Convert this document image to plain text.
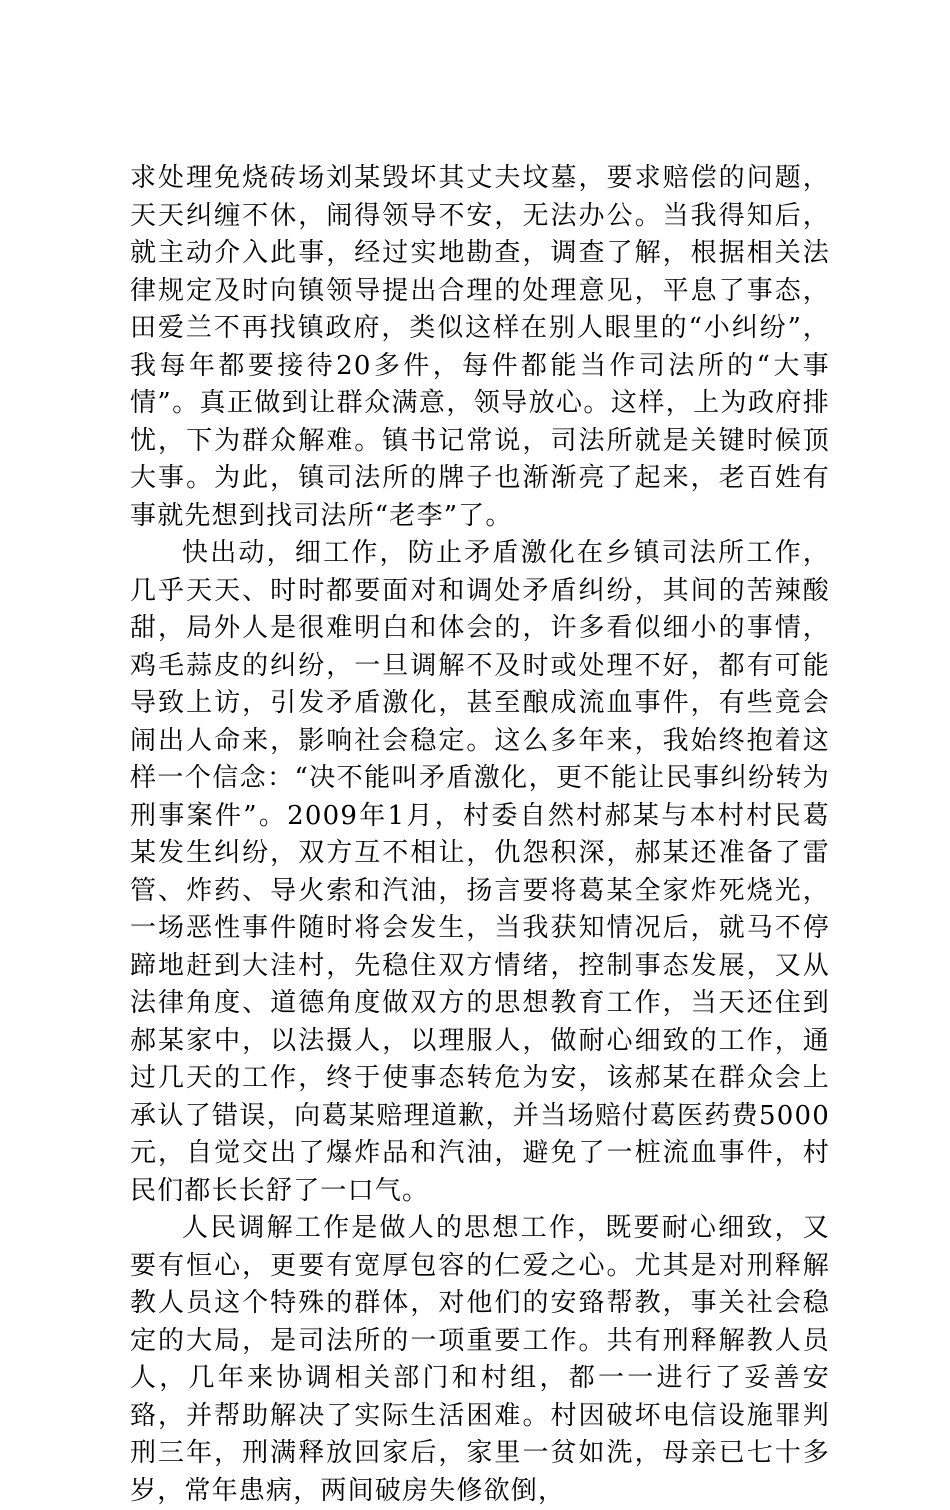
求处理免烧砖场刘某毁坏其丈夫坟墓，要求赔偿的问题，天天纠缠不休，闹得领导不安，无法办公。当我得知后，就主动介入此事，经过实地勘查，调查了解，根据相关法律规定及时向镇领导提出合理的处理意见，平息了事态，田爱兰不再找镇政府，类似这样在别人眼里的“小纠纷”，我每年都要接待20多件，每件都能当作司法所的“大事情”。真正做到让群众满意，领导放心。这样，上为政府排忧，下为群众解难。镇书记常说，司法所就是关键时候顶大事。为此，镇司法所的牌子也渐渐亮了起来，老百姓有事就先想到找司法所“老李”了。

快出动，细工作，防止矛盾激化在乡镇司法所工作，几乎天天、时时都要面对和调处矛盾纠纷，其间的苦辣酸甜，局外人是很难明白和体会的，许多看似细小的事情，鸡毛蒜皮的纠纷，一旦调解不及时或处理不好，都有可能导致上访，引发矛盾激化，甚至酿成流血事件，有些竟会闹出人命来，影响社会稳定。这么多年来，我始终抱着这样一个信念：“决不能叫矛盾激化，更不能让民事纠纷转为刑事案件”。2009年1月，村委自然村郝某与本村村民葛某发生纠纷，双方互不相让，仇怨积深，郝某还准备了雷管、炸药、导火索和汽油，扬言要将葛某全家炸死烧光，一场恶性事件随时将会发生，当我获知情况后，就马不停蹄地赶到大洼村，先稳住双方情绪，控制事态发展，又从法律角度、道德角度做双方的思想教育工作，当天还住到郝某家中，以法摄人，以理服人，做耐心细致的工作，通过几天的工作，终于使事态转危为安，该郝某在群众会上承认了错误，向葛某赔理道歉，并当场赔付葛医药费5000元，自觉交出了爆炸品和汽油，避免了一桩流血事件，村民们都长长舒了一口气。

人民调解工作是做人的思想工作，既要耐心细致，又要有恒心，更要有宽厚包容的仁爱之心。尤其是对刑释解教人员这个特殊的群体，对他们的安臵帮教，事关社会稳定的大局，是司法所的一项重要工作。共有刑释解教人员人，几年来协调相关部门和村组，都一一进行了妥善安臵，并帮助解决了实际生活困难。村因破坏电信设施罪判刑三年，刑满释放回家后，家里一贫如洗，母亲已七十多岁，常年患病，两间破房失修欲倒，
